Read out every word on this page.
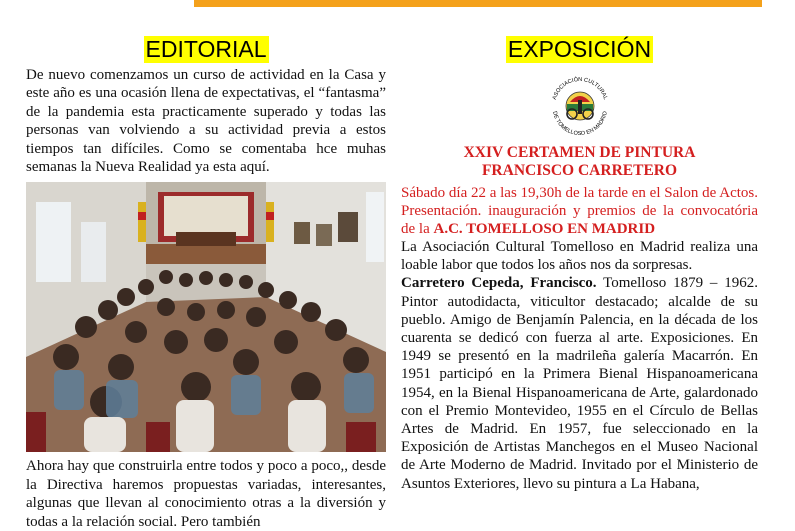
EDITORIAL

De nuevo comenzamos un curso de actividad en la Casa y este año es una ocasión llena de expectativas, el “fantasma” de la pandemia esta practicamente superado y todas las personas van volviendo a su actividad previa a estos tiempos tan difíciles. Como se comentaba hce muhas semanas la Nueva Realidad ya esta aquí.

Ahora hay que construirla entre todos y poco a poco,, desde la Directiva haremos propuestas variadas, interesantes, algunas que llevan al conocimiento otras a la diversión y todas a la relación social. Pero también

EXPOSICIÓN
ASOCIACIÓN CULTURAL
DE TOMELLOSO EN MADRID

XXIV CERTAMEN DE PINTURA

FRANCISCO CARRETERO

Sábado día 22 a las 19,30h de la tarde en el Salon de Actos. Presentación. inauguración y premios de la convocatória de la A.C. TOMELLOSO EN MADRID

La Asociación Cultural Tomelloso en Madrid realiza una loable labor que todos los años nos da sorpresas.

Carretero Cepeda, Francisco. Tomelloso 1879 – 1962. Pintor autodidacta, viticultor destacado; alcalde de su pueblo. Amigo de Benjamín Palencia, en la década de los cuarenta se dedicó con fuerza al arte. Exposiciones. En 1949 se presentó en la madrileña galería Macarrón. En 1951 participó en la Primera Bienal Hispanoamericana 1954, en la Bienal Hispanoamericana de Arte, galardonado con el Premio Montevideo, 1955 en el Círculo de Bellas Artes de Madrid. En 1957, fue seleccionado en la Exposición de Artistas Manchegos en el Museo Nacional de Arte Moderno de Madrid. Invitado por el Ministerio de Asuntos Exteriores, llevo su pintura a La Habana,
